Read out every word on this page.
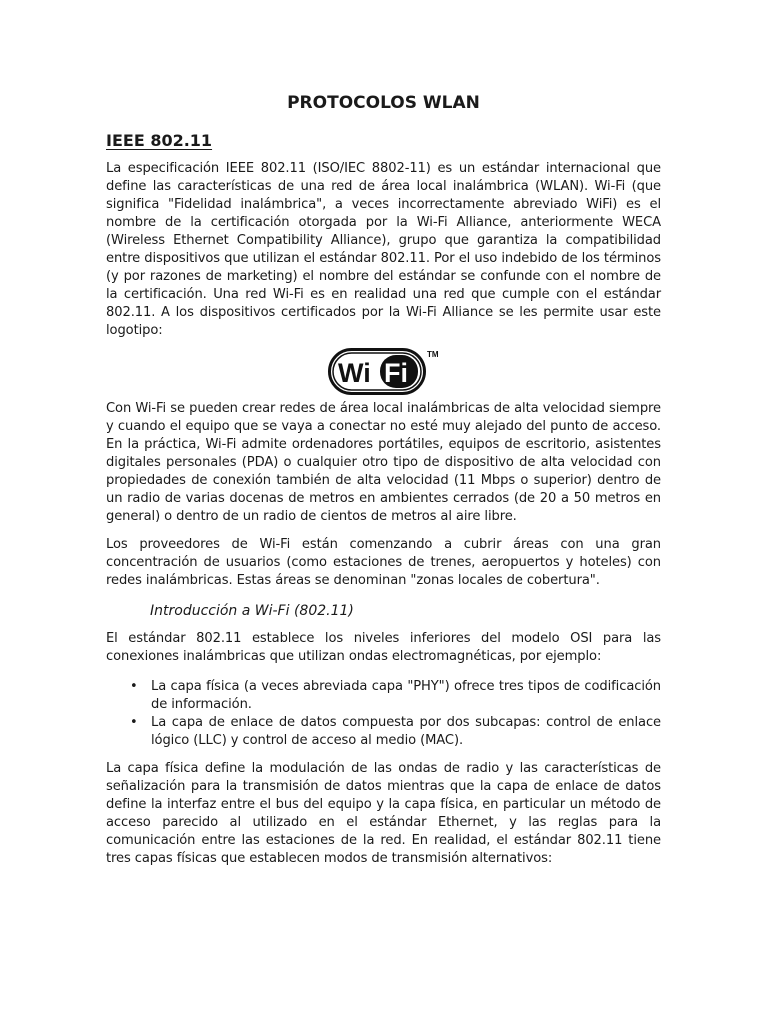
PROTOCOLOS WLAN
IEEE 802.11

La especificación IEEE 802.11 (ISO/IEC 8802-11) es un estándar internacional que define las características de una red de área local inalámbrica (WLAN). Wi-Fi (que significa "Fidelidad inalámbrica", a veces incorrectamente abreviado WiFi) es el nombre de la certificación otorgada por la Wi-Fi Alliance, anteriormente WECA (Wireless Ethernet Compatibility Alliance), grupo que garantiza la compatibilidad entre dispositivos que utilizan el estándar 802.11. Por el uso indebido de los términos (y por razones de marketing) el nombre del estándar se confunde con el nombre de la certificación. Una red Wi-Fi es en realidad una red que cumple con el estándar 802.11. A los dispositivos certificados por la Wi-Fi Alliance se les permite usar este logotipo:

Wi Fi
TM

Con Wi-Fi se pueden crear redes de área local inalámbricas de alta velocidad siempre y cuando el equipo que se vaya a conectar no esté muy alejado del punto de acceso. En la práctica, Wi-Fi admite ordenadores portátiles, equipos de escritorio, asistentes digitales personales (PDA) o cualquier otro tipo de dispositivo de alta velocidad con propiedades de conexión también de alta velocidad (11 Mbps o superior) dentro de un radio de varias docenas de metros en ambientes cerrados (de 20 a 50 metros en general) o dentro de un radio de cientos de metros al aire libre.

Los proveedores de Wi-Fi están comenzando a cubrir áreas con una gran concentración de usuarios (como estaciones de trenes, aeropuertos y hoteles) con redes inalámbricas. Estas áreas se denominan "zonas locales de cobertura".

Introducción a Wi-Fi (802.11)

El estándar 802.11 establece los niveles inferiores del modelo OSI para las conexiones inalámbricas que utilizan ondas electromagnéticas, por ejemplo:

• La capa física (a veces abreviada capa "PHY") ofrece tres tipos de codificación de información.
• La capa de enlace de datos compuesta por dos subcapas: control de enlace lógico (LLC) y control de acceso al medio (MAC).

La capa física define la modulación de las ondas de radio y las características de señalización para la transmisión de datos mientras que la capa de enlace de datos define la interfaz entre el bus del equipo y la capa física, en particular un método de acceso parecido al utilizado en el estándar Ethernet, y las reglas para la comunicación entre las estaciones de la red. En realidad, el estándar 802.11 tiene tres capas físicas que establecen modos de transmisión alternativos:
